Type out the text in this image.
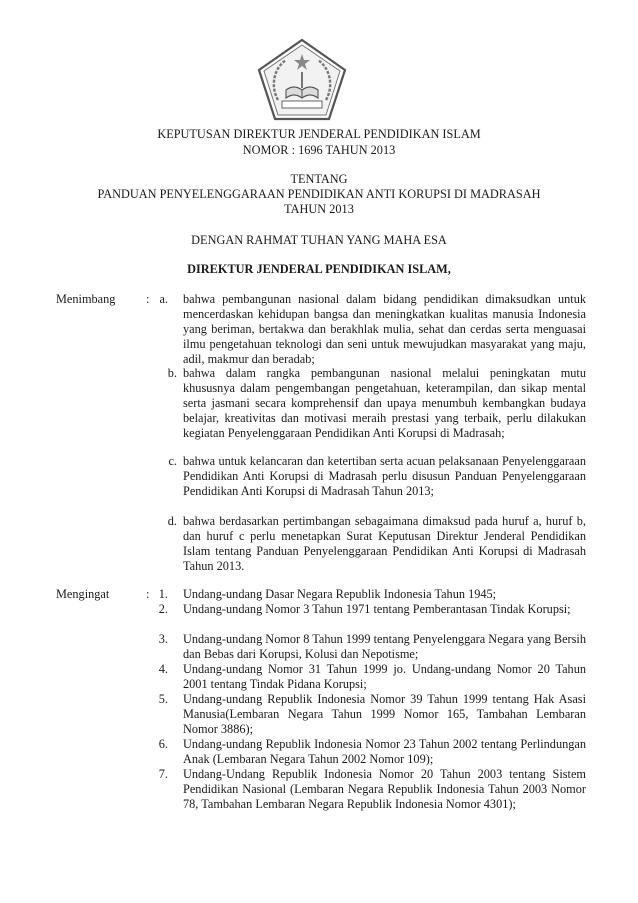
KEPUTUSAN DIREKTUR JENDERAL PENDIDIKAN ISLAM
NOMOR : 1696 TAHUN 2013
TENTANG
PANDUAN PENYELENGGARAAN PENDIDIKAN ANTI KORUPSI DI MADRASAH
TAHUN 2013
DENGAN RAHMAT TUHAN YANG MAHA ESA
DIREKTUR JENDERAL PENDIDIKAN ISLAM,
Menimbang : a. bahwa pembangunan nasional dalam bidang pendidikan dimaksudkan untuk mencerdaskan kehidupan bangsa dan meningkatkan kualitas manusia Indonesia yang beriman, bertakwa dan berakhlak mulia, sehat dan cerdas serta menguasai ilmu pengetahuan teknologi dan seni untuk mewujudkan masyarakat yang maju, adil, makmur dan beradab;
b. bahwa dalam rangka pembangunan nasional melalui peningkatan mutu khususnya dalam pengembangan pengetahuan, keterampilan, dan sikap mental serta jasmani secara komprehensif dan upaya menumbuh kembangkan budaya belajar, kreativitas dan motivasi meraih prestasi yang terbaik, perlu dilakukan kegiatan Penyelenggaraan Pendidikan Anti Korupsi di Madrasah;
c. bahwa untuk kelancaran dan ketertiban serta acuan pelaksanaan Penyelenggaraan Pendidikan Anti Korupsi di Madrasah perlu disusun Panduan Penyelenggaraan Pendidikan Anti Korupsi di Madrasah Tahun 2013;
d. bahwa berdasarkan pertimbangan sebagaimana dimaksud pada huruf a, huruf b, dan huruf c perlu menetapkan Surat Keputusan Direktur Jenderal Pendidikan Islam tentang Panduan Penyelenggaraan Pendidikan Anti Korupsi di Madrasah Tahun 2013.
Mengingat	: 1. Undang-undang Dasar Negara Republik Indonesia Tahun 1945;
2. Undang-undang Nomor 3 Tahun 1971 tentang Pemberantasan Tindak Korupsi;
3. Undang-undang Nomor 8 Tahun 1999 tentang Penyelenggara Negara yang Bersih dan Bebas dari Korupsi, Kolusi dan Nepotisme;
4. Undang-undang Nomor 31 Tahun 1999 jo. Undang-undang Nomor 20 Tahun 2001 tentang Tindak Pidana Korupsi;
5. Undang-undang Republik Indonesia Nomor 39 Tahun 1999 tentang Hak Asasi Manusia(Lembaran Negara Tahun 1999 Nomor 165, Tambahan Lembaran Nomor 3886);
6. Undang-undang Republik Indonesia Nomor 23 Tahun 2002 tentang Perlindungan Anak (Lembaran Negara Tahun 2002 Nomor 109);
7. Undang-Undang Republik Indonesia Nomor 20 Tahun 2003 tentang Sistem Pendidikan Nasional (Lembaran Negara Republik Indonesia Tahun 2003 Nomor 78, Tambahan Lembaran Negara Republik Indonesia Nomor 4301);
